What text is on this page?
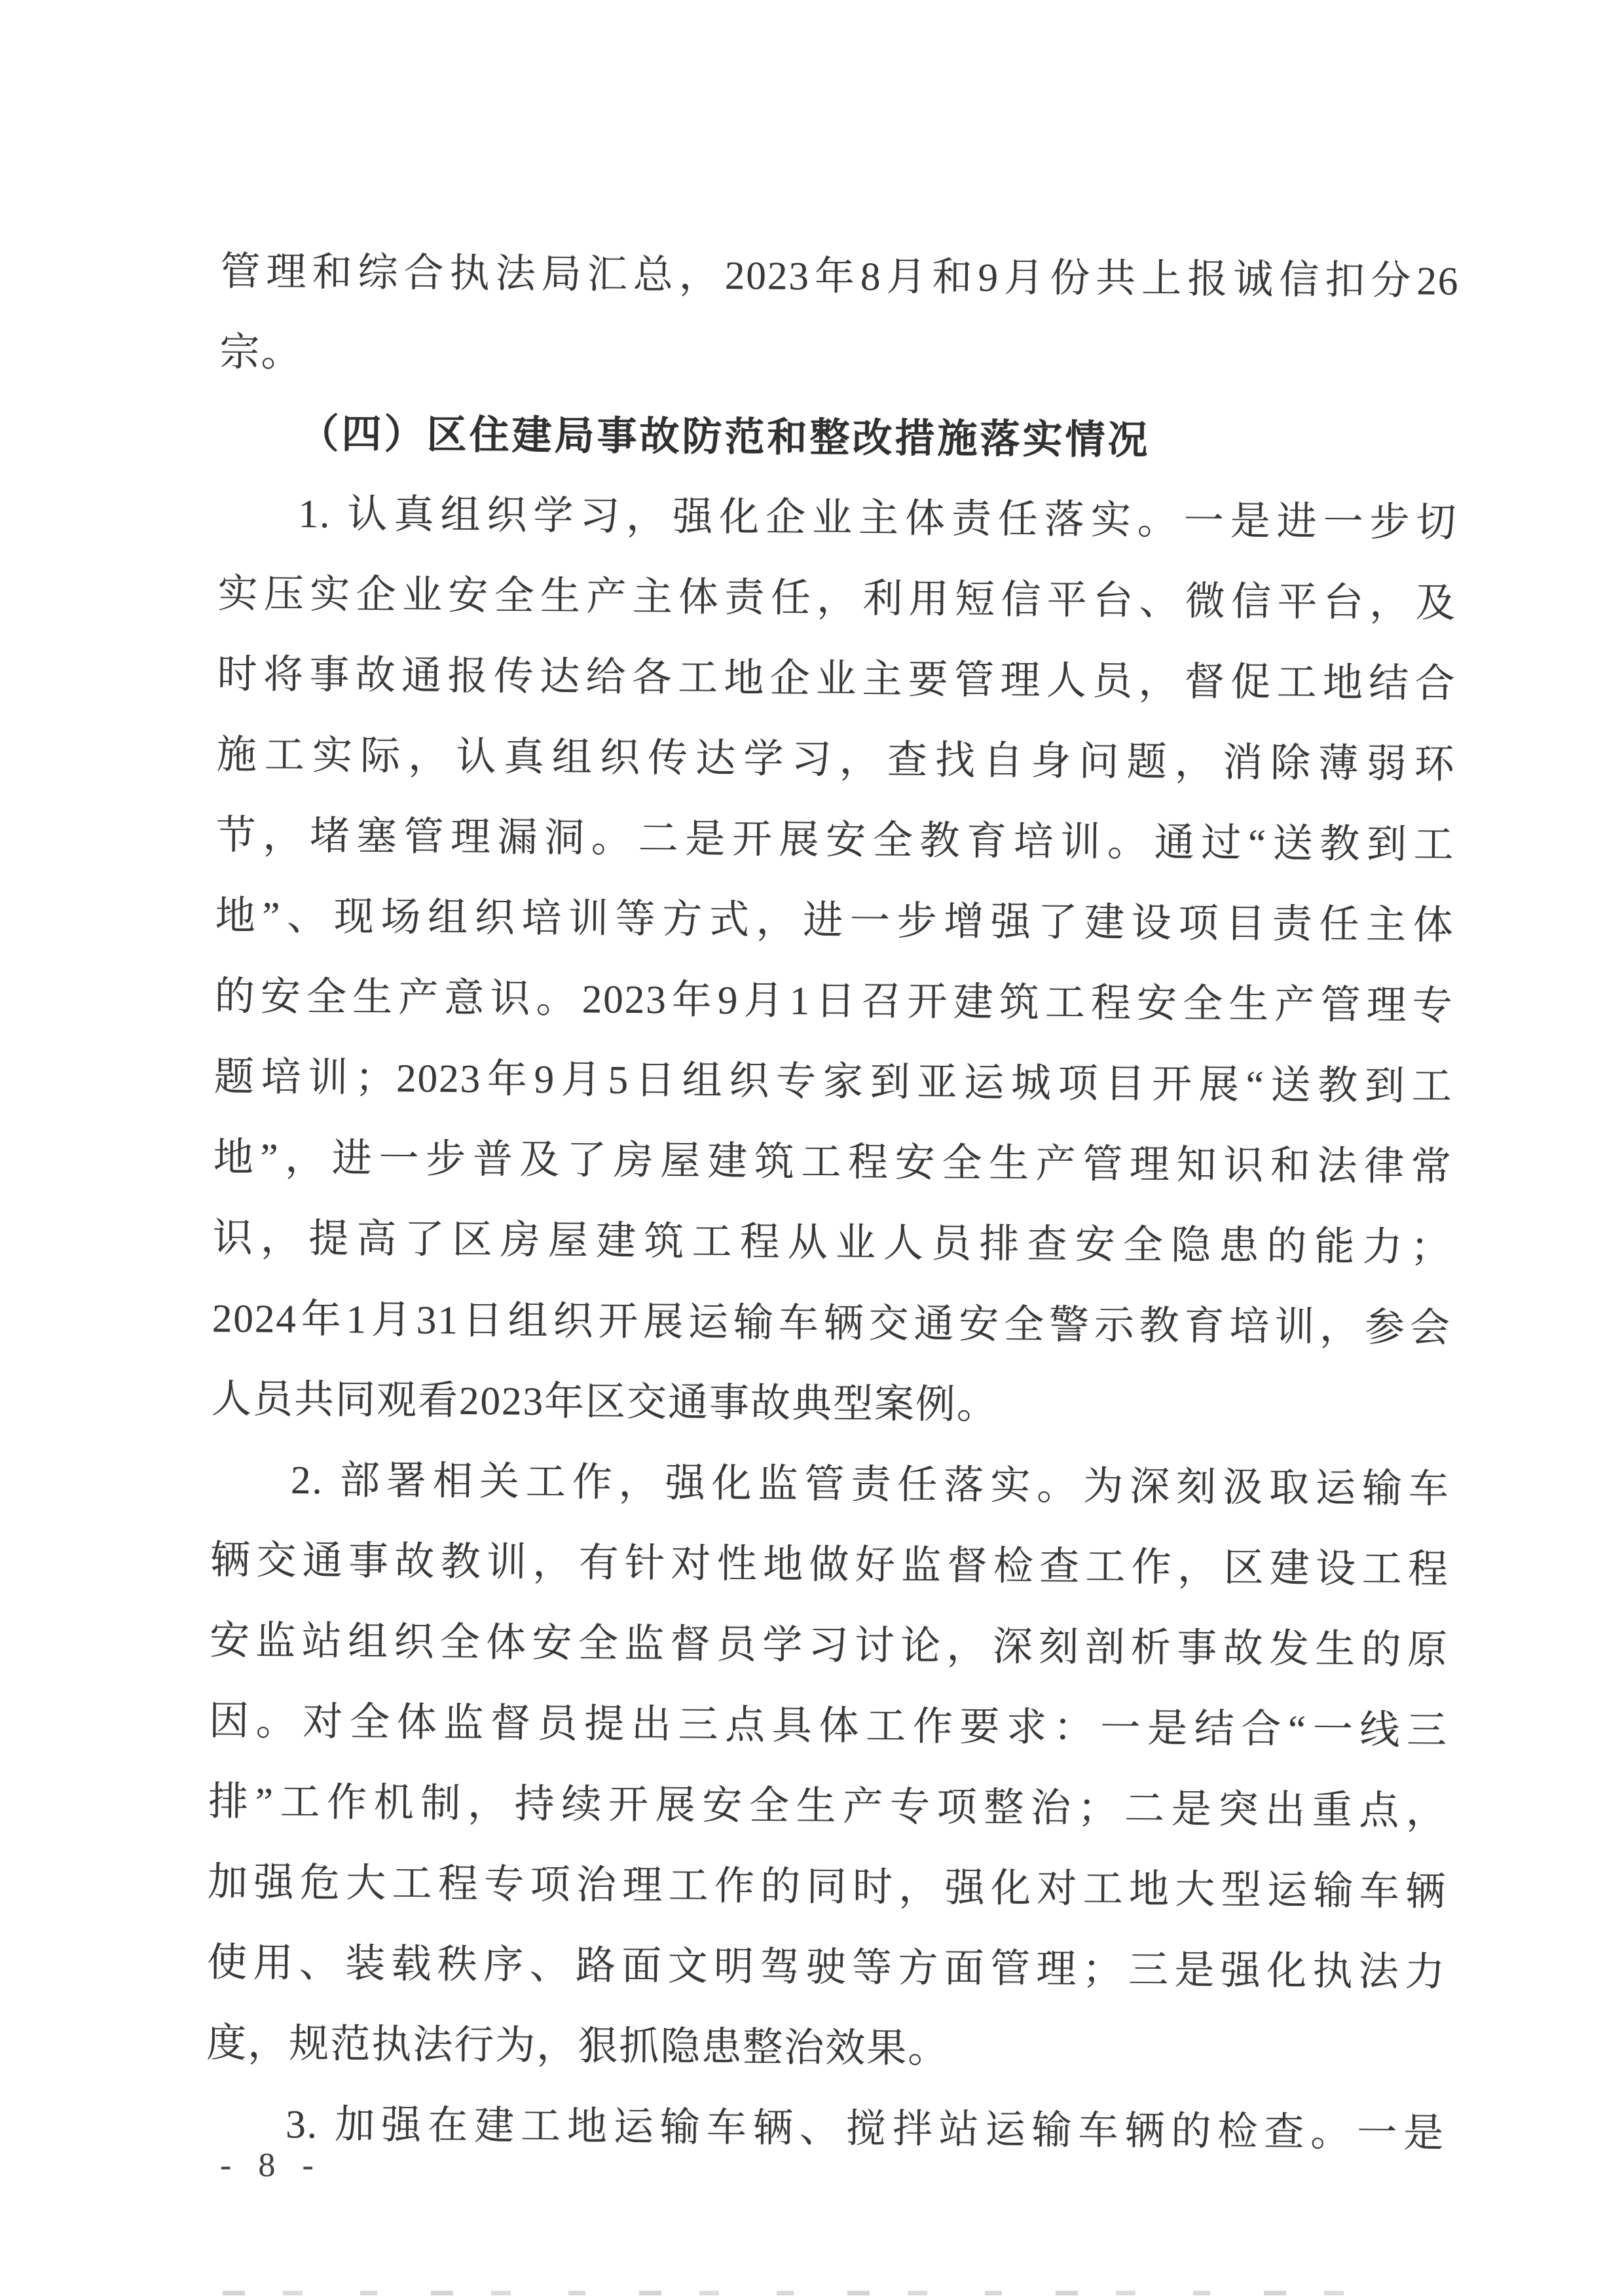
管理和综合执法局汇总，2023年8月和9月份共上报诚信扣分26
宗。
（四）区住建局事故防范和整改措施落实情况
1. 认真组织学习，强化企业主体责任落实。一是进一步切
实压实企业安全生产主体责任，利用短信平台、微信平台，及
时将事故通报传达给各工地企业主要管理人员，督促工地结合
施工实际，认真组织传达学习，查找自身问题，消除薄弱环
节，堵塞管理漏洞。二是开展安全教育培训。通过“送教到工
地”、现场组织培训等方式，进一步增强了建设项目责任主体
的安全生产意识。2023年9月1日召开建筑工程安全生产管理专
题培训；2023年9月5日组织专家到亚运城项目开展“送教到工
地”，进一步普及了房屋建筑工程安全生产管理知识和法律常
识，提高了区房屋建筑工程从业人员排查安全隐患的能力；
2024年1月31日组织开展运输车辆交通安全警示教育培训，参会
人员共同观看2023年区交通事故典型案例。
2. 部署相关工作，强化监管责任落实。为深刻汲取运输车
辆交通事故教训，有针对性地做好监督检查工作，区建设工程
安监站组织全体安全监督员学习讨论，深刻剖析事故发生的原
因。对全体监督员提出三点具体工作要求：一是结合“一线三
排”工作机制，持续开展安全生产专项整治；二是突出重点，
加强危大工程专项治理工作的同时，强化对工地大型运输车辆
使用、装载秩序、路面文明驾驶等方面管理；三是强化执法力
度，规范执法行为，狠抓隐患整治效果。
3. 加强在建工地运输车辆、搅拌站运输车辆的检查。一是
- 8 -
